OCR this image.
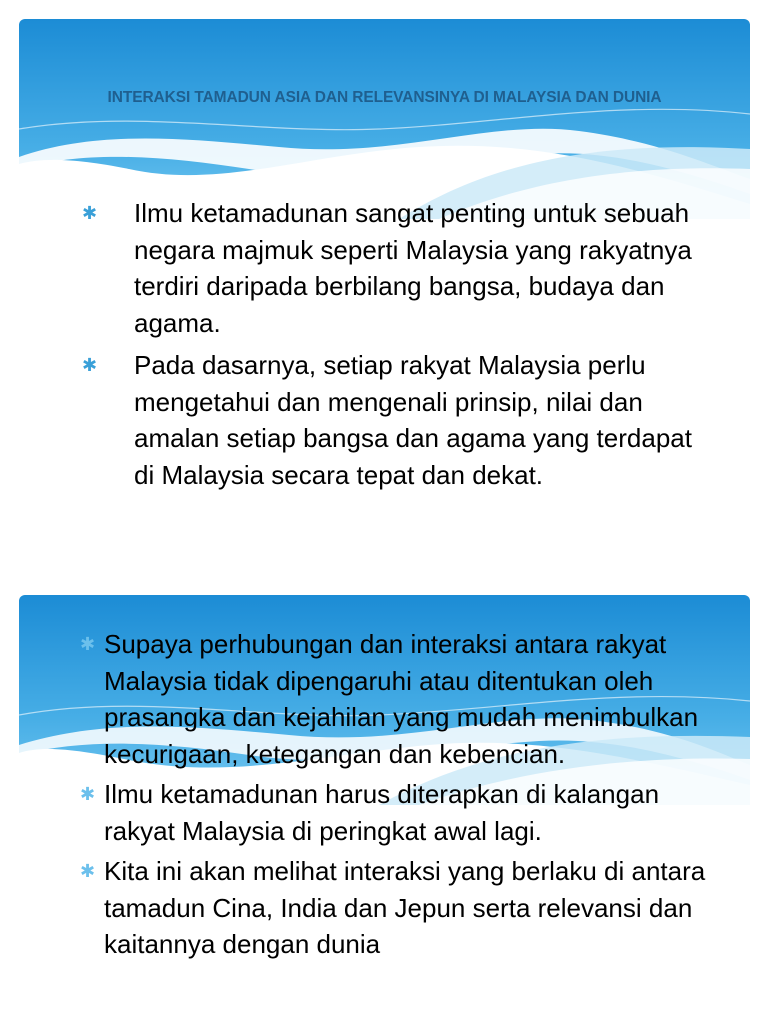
INTERAKSI TAMADUN ASIA DAN RELEVANSINYA DI MALAYSIA DAN DUNIA
✱ Ilmu ketamadunan sangat penting untuk sebuah negara majmuk seperti Malaysia yang rakyatnya terdiri daripada berbilang bangsa, budaya dan agama.
✱ Pada dasarnya, setiap rakyat Malaysia perlu mengetahui dan mengenali prinsip, nilai dan amalan setiap bangsa dan agama yang terdapat di Malaysia secara tepat dan dekat.
✱ Supaya perhubungan dan interaksi antara rakyat Malaysia tidak dipengaruhi atau ditentukan oleh prasangka dan kejahilan yang mudah menimbulkan kecurigaan, ketegangan dan kebencian.
✱ Ilmu ketamadunan harus diterapkan di kalangan rakyat Malaysia di peringkat awal lagi.
✱ Kita ini akan melihat interaksi yang berlaku di antara tamadun Cina, India dan Jepun serta relevansi dan kaitannya dengan dunia
